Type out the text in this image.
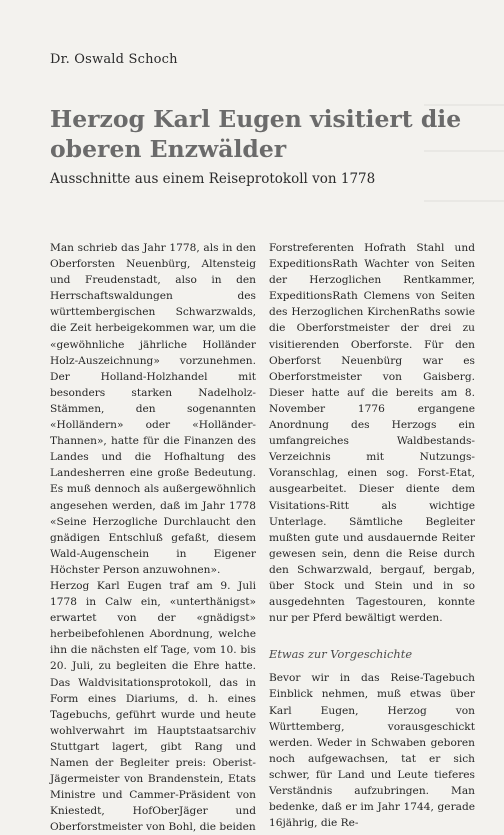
Dr. Oswald Schoch
Herzog Karl Eugen visitiert die oberen Enzwälder
Ausschnitte aus einem Reiseprotokoll von 1778

Man schrieb das Jahr 1778, als in den Oberforsten Neuenbürg, Altensteig und Freudenstadt, also in den Herrschaftswaldungen des württembergischen Schwarzwalds, die Zeit herbeigekommen war, um die «gewöhnliche jährliche Holländer Holz-Auszeichnung» vorzunehmen. Der Holland-Holzhandel mit besonders starken Nadelholz-Stämmen, den sogenannten «Holländern» oder «Holländer-Thannen», hatte für die Finanzen des Landes und die Hofhaltung des Landesherren eine große Bedeutung. Es muß dennoch als außergewöhnlich angesehen werden, daß im Jahr 1778 «Seine Herzogliche Durchlaucht den gnädigen Entschluß gefaßt, diesem Wald-Augenschein in Eigener Höchster Person anzuwohnen».

Herzog Karl Eugen traf am 9. Juli 1778 in Calw ein, «unterthänigst» erwartet von der «gnädigst» herbeibefohlenen Abordnung, welche ihn die nächsten elf Tage, vom 10. bis 20. Juli, zu begleiten die Ehre hatte. Das Waldvisitationsprotokoll, das in Form eines Diariums, d. h. eines Tagebuchs, geführt wurde und heute wohlverwahrt im Hauptstaatsarchiv Stuttgart lagert, gibt Rang und Namen der Begleiter preis: Oberist-Jägermeister von Brandenstein, Etats Ministre und Cammer-Präsident von Kniestedt, HofOberJäger und Oberforstmeister von Bohl, die beiden

Forstreferenten Hofrath Stahl und ExpeditionsRath Wachter von Seiten der Herzoglichen Rentkammer, ExpeditionsRath Clemens von Seiten des Herzoglichen KirchenRaths sowie die Oberforstmeister der drei zu visitierenden Oberforste. Für den Oberforst Neuenbürg war es Oberforstmeister von Gaisberg. Dieser hatte auf die bereits am 8. November 1776 ergangene Anordnung des Herzogs ein umfangreiches Waldbestands-Verzeichnis mit Nutzungs-Voranschlag, einen sog. Forst-Etat, ausgearbeitet. Dieser diente dem Visitations-Ritt als wichtige Unterlage. Sämtliche Begleiter mußten gute und ausdauernde Reiter gewesen sein, denn die Reise durch den Schwarzwald, bergauf, bergab, über Stock und Stein und in so ausgedehnten Tagestouren, konnte nur per Pferd bewältigt werden.

Etwas zur Vorgeschichte

Bevor wir in das Reise-Tagebuch Einblick nehmen, muß etwas über Karl Eugen, Herzog von Württemberg, vorausgeschickt werden. Weder in Schwaben geboren noch aufgewachsen, tat er sich schwer, für Land und Leute tieferes Verständnis aufzubringen. Man bedenke, daß er im Jahr 1744, gerade 16jährig, die Re-
